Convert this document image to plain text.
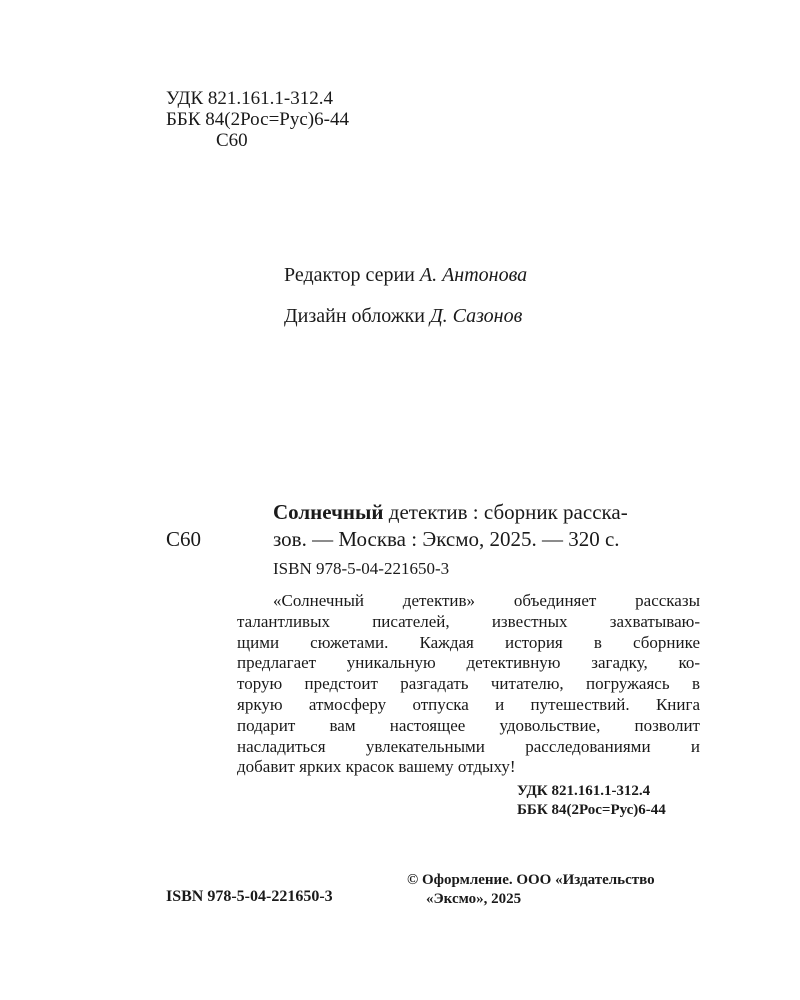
УДК 821.161.1-312.4
ББК 84(2Рос=Рус)6-44
С60
Редактор серии А. Антонова
Дизайн обложки Д. Сазонов
С60
Солнечный детектив : сборник расска-
зов. — Москва : Эксмо, 2025. — 320 с.
ISBN 978-5-04-221650-3
«Солнечный детектив» объединяет рассказы
талантливых писателей, известных захватываю-
щими сюжетами. Каждая история в сборнике
предлагает уникальную детективную загадку, ко-
торую предстоит разгадать читателю, погружаясь в
яркую атмосферу отпуска и путешествий. Книга
подарит вам настоящее удовольствие, позволит
насладиться увлекательными расследованиями и
добавит ярких красок вашему отдыху!
УДК 821.161.1-312.4
ББК 84(2Рос=Рус)6-44
ISBN 978-5-04-221650-3
© Оформление. ООО «Издательство
«Эксмо», 2025
